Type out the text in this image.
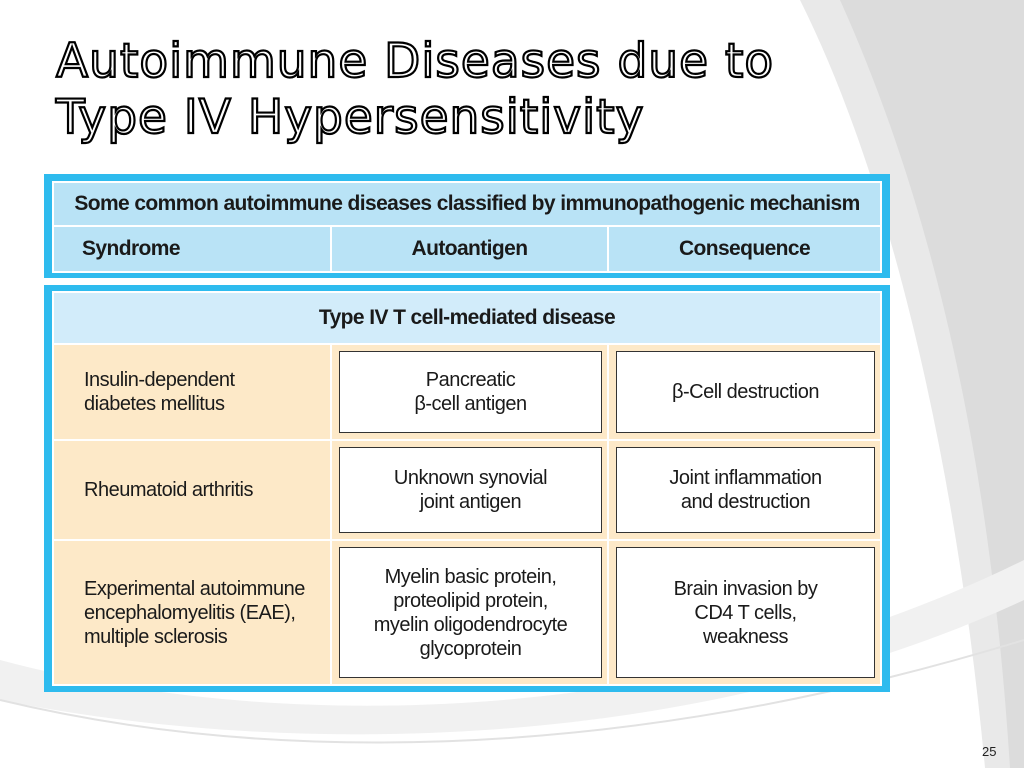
Autoimmune Diseases due to
Type IV Hypersensitivity
Some common autoimmune diseases classified by immunopathogenic mechanism
Syndrome	Autoantigen	Consequence
Type IV T cell-mediated disease
Insulin-dependent
diabetes mellitus
Pancreatic
β-cell antigen
β-Cell destruction
Rheumatoid arthritis
Unknown synovial
joint antigen
Joint inflammation
and destruction
Experimental autoimmune
encephalomyelitis (EAE),
multiple sclerosis
Myelin basic protein,
proteolipid protein,
myelin oligodendrocyte
glycoprotein
Brain invasion by
CD4 T cells,
weakness
25
